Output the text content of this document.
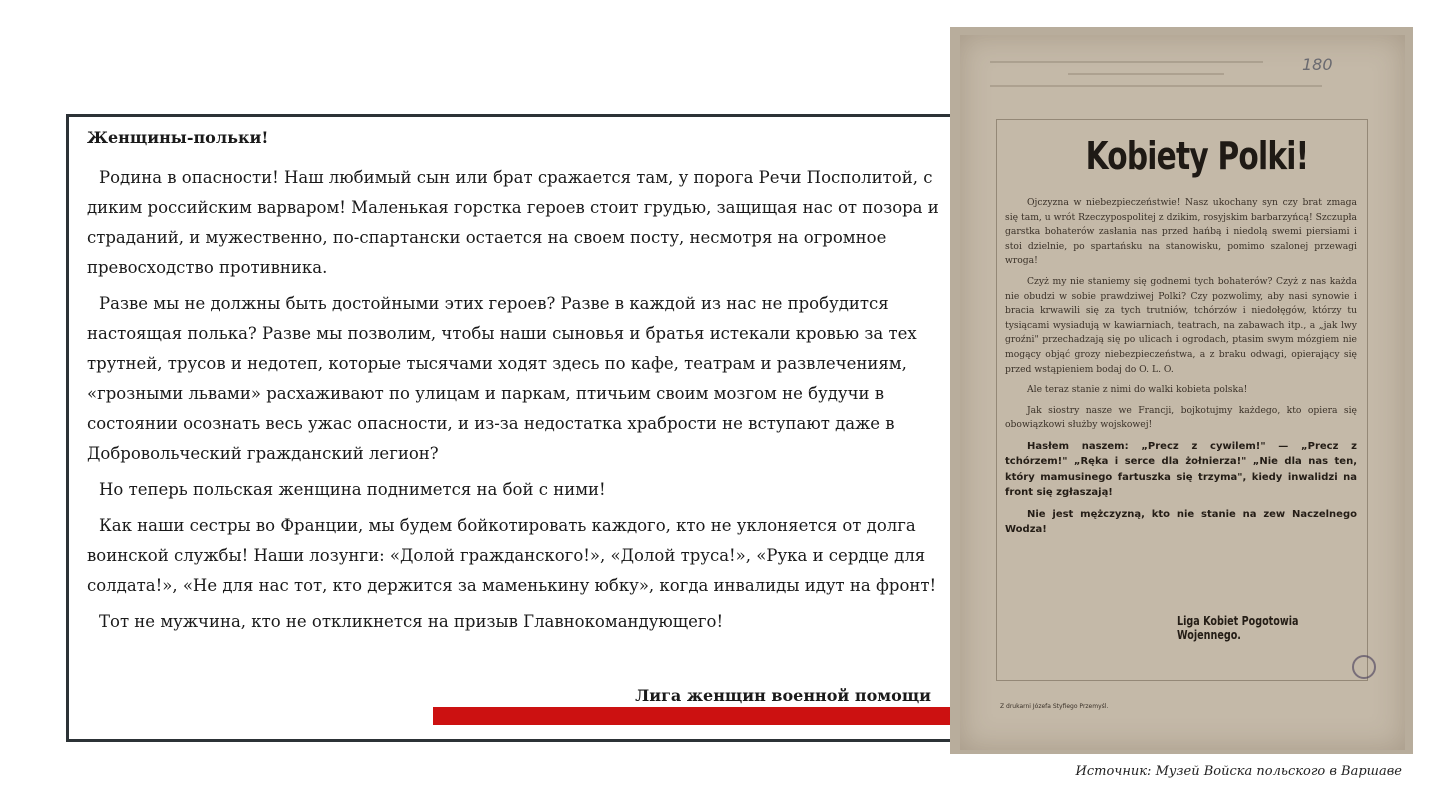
Женщины-польки!

Родина в опасности! Наш любимый сын или брат сражается там, у порога Речи Посполитой, с диким российским варваром! Маленькая горстка героев стоит грудью, защищая нас от позора и страданий, и мужественно, по-спартански остается на своем посту, несмотря на огромное превосходство противника.

Разве мы не должны быть достойными этих героев? Разве в каждой из нас не пробудится настоящая полька? Разве мы позволим, чтобы наши сыновья и братья истекали кровью за тех трутней, трусов и недотеп, которые тысячами ходят здесь по кафе, театрам и развлечениям, «грозными львами» расхаживают по улицам и паркам, птичьим своим мозгом не будучи в состоянии осознать весь ужас опасности, и из-за недостатка храбрости не вступают даже в Добровольческий гражданский легион?

Но теперь польская женщина поднимется на бой с ними!

Как наши сестры во Франции, мы будем бойкотировать каждого, кто не уклоняется от долга воинской службы! Наши лозунги: «Долой гражданского!», «Долой труса!», «Рука и сердце для солдата!», «Не для нас тот, кто держится за маменькину юбку», когда инвалиды идут на фронт!

Тот не мужчина, кто не откликнется на призыв Главнокомандующего!

Лига женщин военной помощи
180
Kobiety Polki!

Ojczyzna w niebezpieczeństwie! Nasz ukochany syn czy brat zmaga się tam, u wrót Rzeczypospolitej z dzikim, rosyjskim barbarzyńcą! Szczupła garstka bohaterów zasłania nas przed hańbą i niedolą swemi piersiami i stoi dzielnie, po spartańsku na stanowisku, pomimo szalonej przewagi wroga!

Czyż my nie staniemy się godnemi tych bohaterów? Czyż z nas każda nie obudzi w sobie prawdziwej Polki? Czy pozwolimy, aby nasi synowie i bracia krwawili się za tych trutniów, tchórzów i niedołęgów, którzy tu tysiącami wysiadują w kawiarniach, teatrach, na zabawach itp., a „jak lwy groźni" przechadzają się po ulicach i ogrodach, ptasim swym mózgiem nie mogący objąć grozy niebezpieczeństwa, a z braku odwagi, opierający się przed wstąpieniem bodaj do O. L. O.

Ale teraz stanie z nimi do walki kobieta polska!

Jak siostry nasze we Francji, bojkotujmy każdego, kto opiera się obowiązkowi służby wojskowej!

Hasłem naszem: „Precz z cywilem!" — „Precz z tchórzem!" „Ręka i serce dla żołnierza!" „Nie dla nas ten, który mamusinego fartuszka się trzyma", kiedy inwalidzi na front się zgłaszają!

Nie jest mężczyzną, kto nie stanie na zew Naczelnego Wodza!

Liga Kobiet Pogotowia Wojennego.
Z drukarni Józefa Styfiego Przemyśl.
Источник: Музей Войска польского в Варшаве
